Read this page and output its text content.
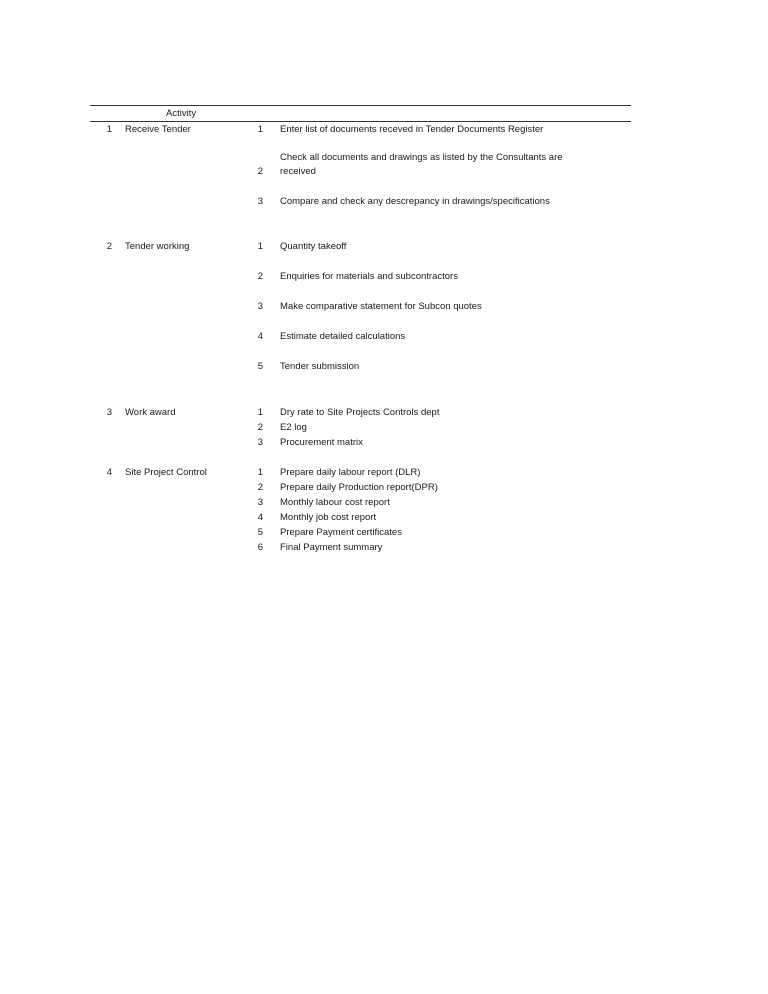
Activity
1 Receive Tender	1 Enter list of documents receved in Tender Documents Register
Check all documents and drawings as listed by the Consultants are
2 received
3 Compare and check any descrepancy in drawings/specifications
2 Tender working	1 Quantity takeoff
2 Enquiries for materials and subcontractors
3 Make comparative statement for Subcon quotes
4 Estimate detailed calculations
5 Tender submission
3 Work award	1 Dry rate to Site Projects Controls dept
2 E2 log
3 Procurement matrix
4 Site Project Control	1 Prepare daily labour report (DLR)
2 Prepare daily Production report(DPR)
3 Monthly labour cost report
4 Monthly job cost report
5 Prepare Payment certificates
6 Final Payment summary
